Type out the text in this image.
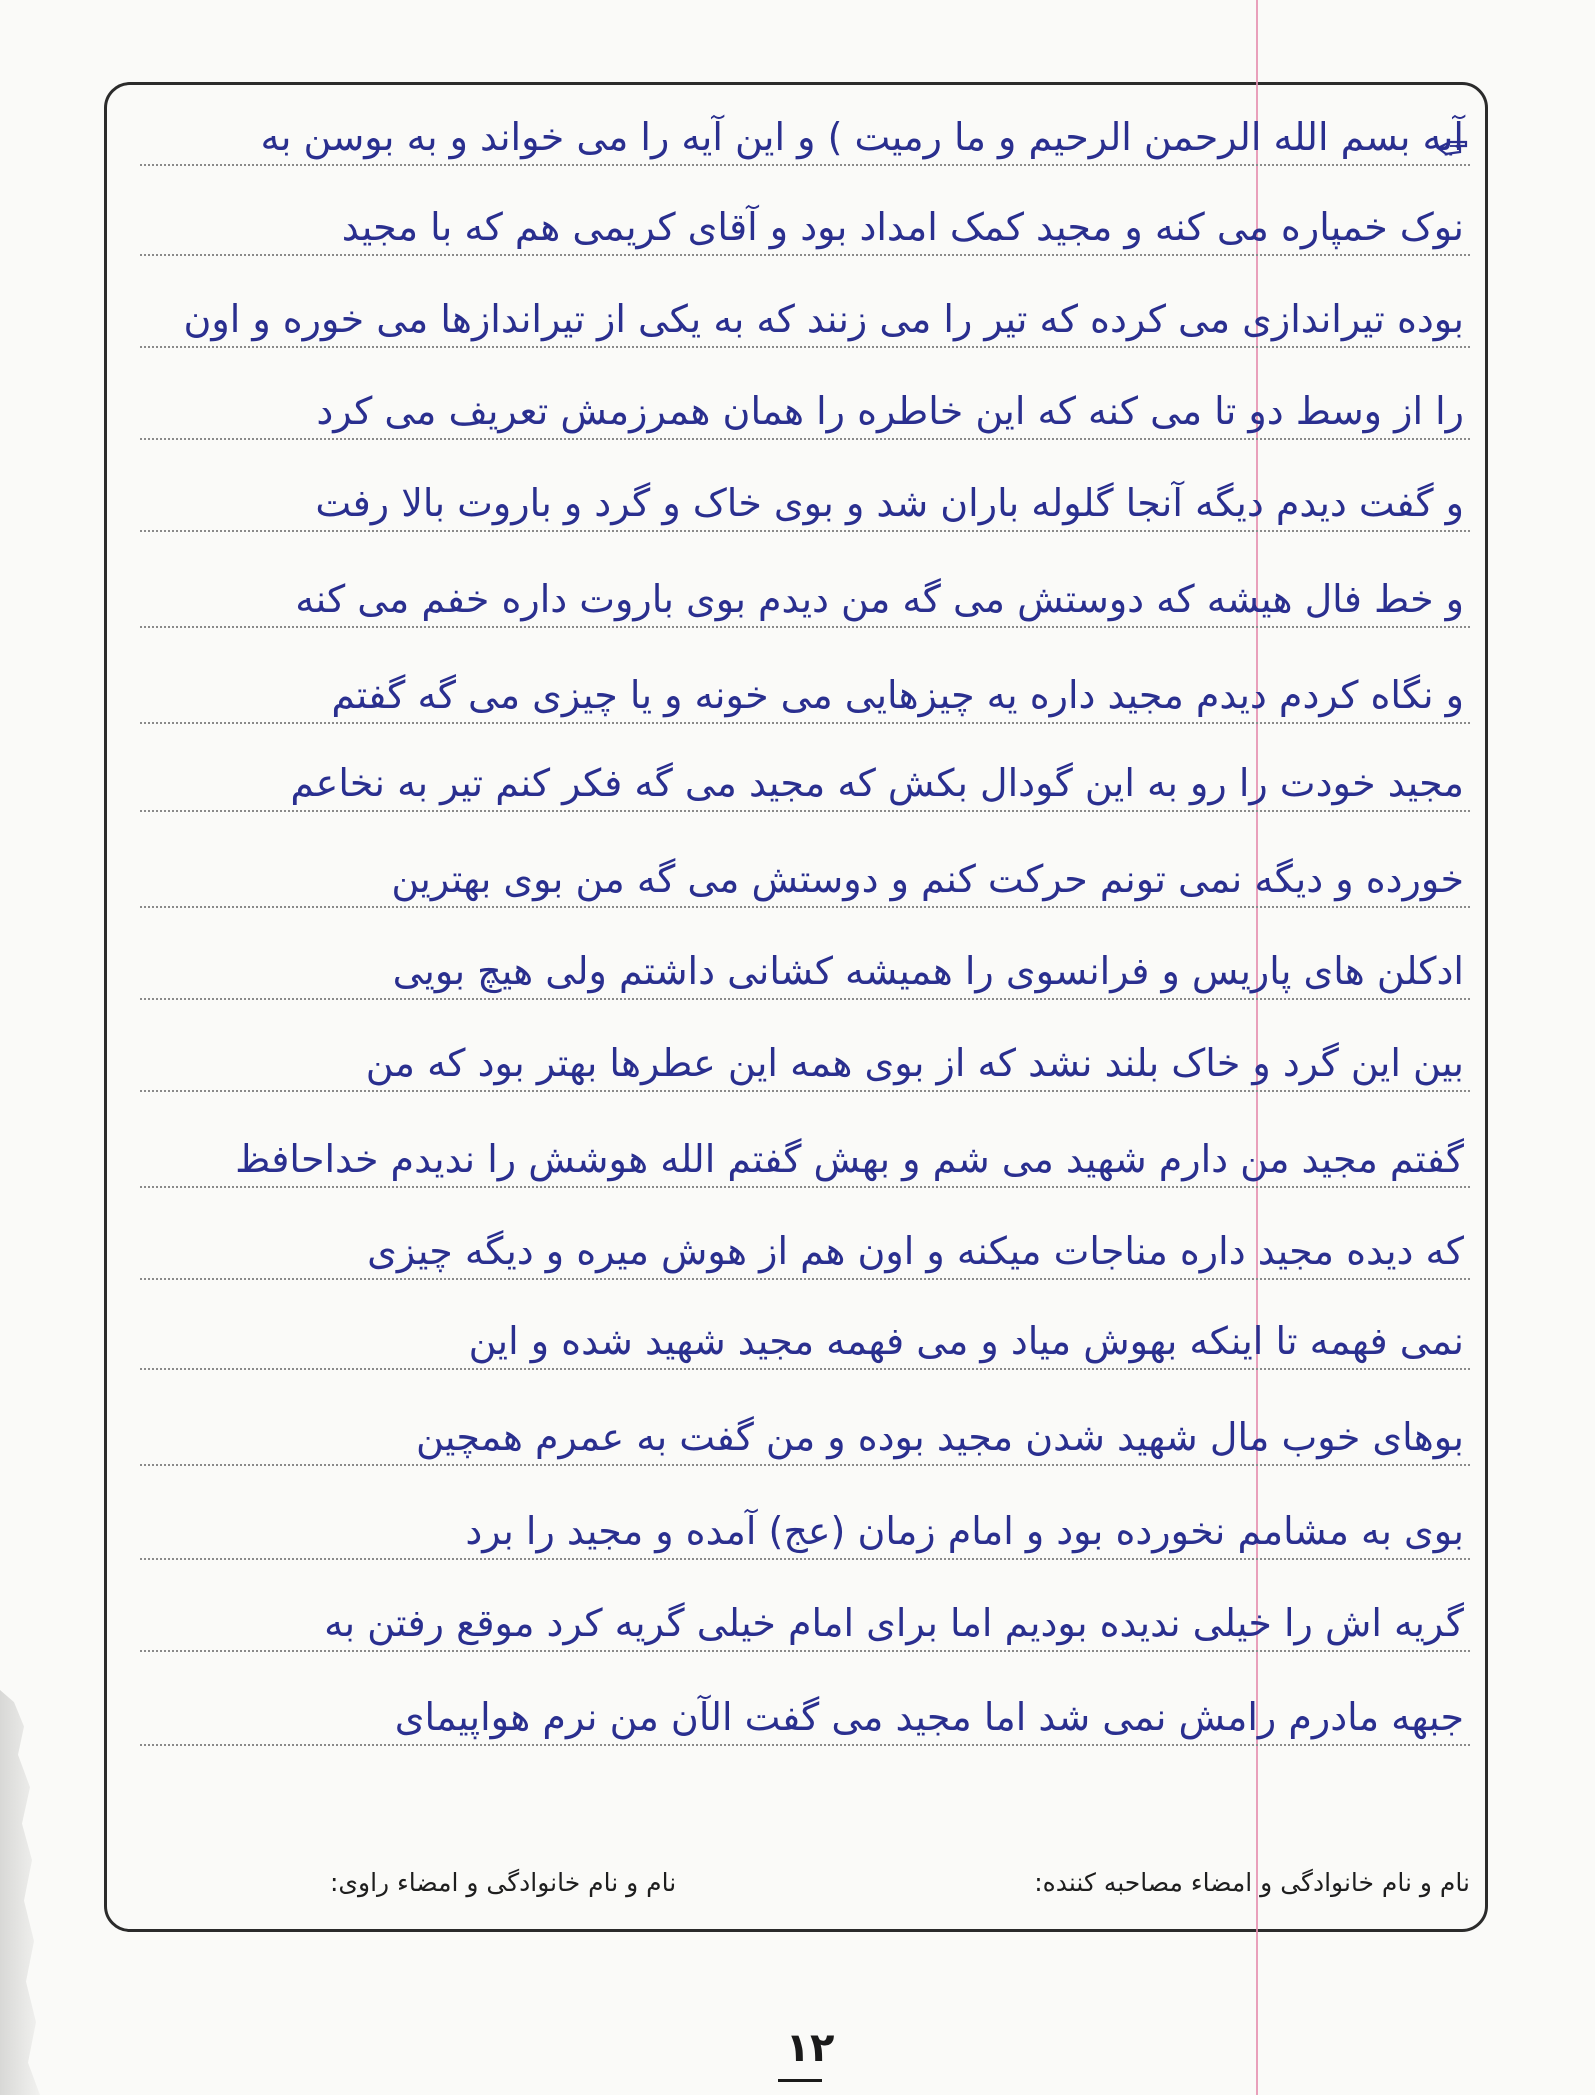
آیه بسم الله الرحمن الرحیم و ما رمیت ) و این آیه را می خواند و به بوسن به
نوک خمپاره می کنه و مجید کمک امداد بود و آقای کریمی هم که با مجید
بوده تیراندازی می کرده که تیر را می زنند که به یکی از تیراندازها می خوره و اون
را از وسط دو تا می کنه که این خاطره را همان همرزمش تعریف می کرد
و گفت دیدم دیگه آنجا گلوله باران شد و بوی خاک و گرد و باروت بالا رفت
و خط فال هیشه که دوستش می گه من دیدم بوی باروت داره خفم می کنه
و نگاه کردم دیدم مجید داره یه چیزهایی می خونه و یا چیزی می گه گفتم
مجید خودت را رو به این گودال بکش که مجید می گه فکر کنم تیر به نخاعم
خورده و دیگه نمی تونم حرکت کنم و دوستش می گه من بوی بهترین
ادکلن های پاریس و فرانسوی را همیشه کشانی داشتم ولی هیچ بویی
بین این گرد و خاک بلند نشد که از بوی همه این عطرها بهتر بود که من
گفتم مجید من دارم شهید می شم و بهش گفتم الله هوشش را ندیدم خداحافظ
که دیده مجید داره مناجات میکنه و اون هم از هوش میره و دیگه چیزی
نمی فهمه تا اینکه بهوش میاد و می فهمه مجید شهید شده و این
بوهای خوب مال شهید شدن مجید بوده و من گفت به عمرم همچین
بوی به مشامم نخورده بود و امام زمان (عج) آمده و مجید را برد
گریه اش را خیلی ندیده بودیم اما برای امام خیلی گریه کرد موقع رفتن به
جبهه مادرم رامش نمی شد اما مجید می گفت الآن من نرم هواپیمای
نام و نام خانوادگی و امضاء مصاحبه کننده:
نام و نام خانوادگی و امضاء راوی:
۱۲
